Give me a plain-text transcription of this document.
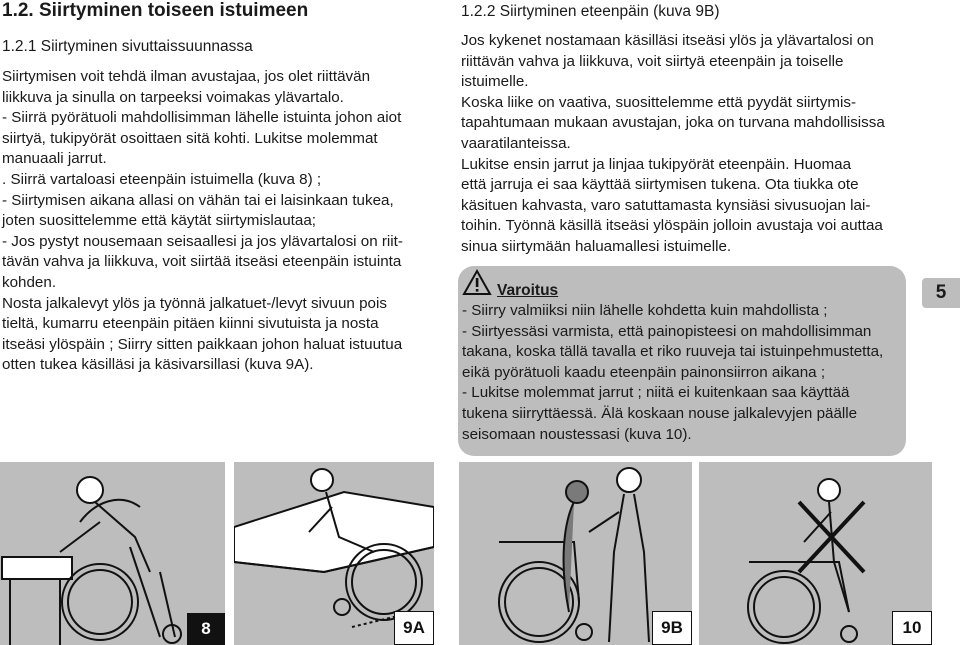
1.2. Siirtyminen toiseen istuimeen
1.2.1 Siirtyminen sivuttaissuunnassa
Siirtymisen voit tehdä ilman avustajaa, jos olet riittävän
liikkuva ja sinulla on tarpeeksi voimakas ylävartalo.
- Siirrä pyörätuoli mahdollisimman lähelle istuinta johon aiot
siirtyä, tukipyörät osoittaen sitä kohti. Lukitse molemmat
manuaali jarrut.
. Siirrä vartaloasi eteenpäin istuimella (kuva 8) ;
- Siirtymisen aikana allasi on vähän tai ei laisinkaan tukea,
joten suosittelemme että käytät siirtymislautaa;
- Jos pystyt nousemaan seisaallesi ja jos ylävartalosi on riit-
tävän vahva ja liikkuva, voit siirtää itseäsi eteenpäin istuinta
kohden.
Nosta jalkalevyt ylös ja työnnä jalkatuet-/levyt sivuun pois
tieltä, kumarru eteenpäin pitäen kiinni sivutuista ja nosta
itseäsi ylöspäin ; Siirry sitten paikkaan johon haluat istuutua
otten tukea käsilläsi ja käsivarsillasi (kuva 9A).
1.2.2 Siirtyminen eteenpäin (kuva 9B)
Jos kykenet nostamaan käsilläsi itseäsi ylös ja ylävartalosi on
riittävän vahva ja liikkuva, voit siirtyä eteenpäin ja toiselle
istuimelle.
Koska liike on vaativa, suosittelemme että pyydät siirtymis-
tapahtumaan mukaan avustajan, joka on turvana mahdollisissa
vaaratilanteissa.
Lukitse ensin jarrut ja linjaa tukipyörät eteenpäin. Huomaa
että jarruja ei saa käyttää siirtymisen tukena. Ota tiukka ote
käsituen kahvasta, varo satuttamasta kynsiäsi sivusuojan lai-
toihin. Työnnä käsillä itseäsi ylöspäin jolloin avustaja voi auttaa
sinua siirtymään haluamallesi istuimelle.
Varoitus
- Siirry valmiiksi niin lähelle kohdetta kuin mahdollista ;
- Siirtyessäsi varmista, että painopisteesi on mahdollisimman
takana, koska tällä tavalla et riko ruuveja tai istuinpehmustetta,
eikä pyörätuoli kaadu eteenpäin painonsiirron aikana ;
- Lukitse molemmat jarrut ; niitä ei kuitenkaan saa käyttää
tukena siirryttäessä. Älä koskaan nouse jalkalevyjen päälle
seisomaan noustessasi (kuva 10).
5
8	9A	9B	10
